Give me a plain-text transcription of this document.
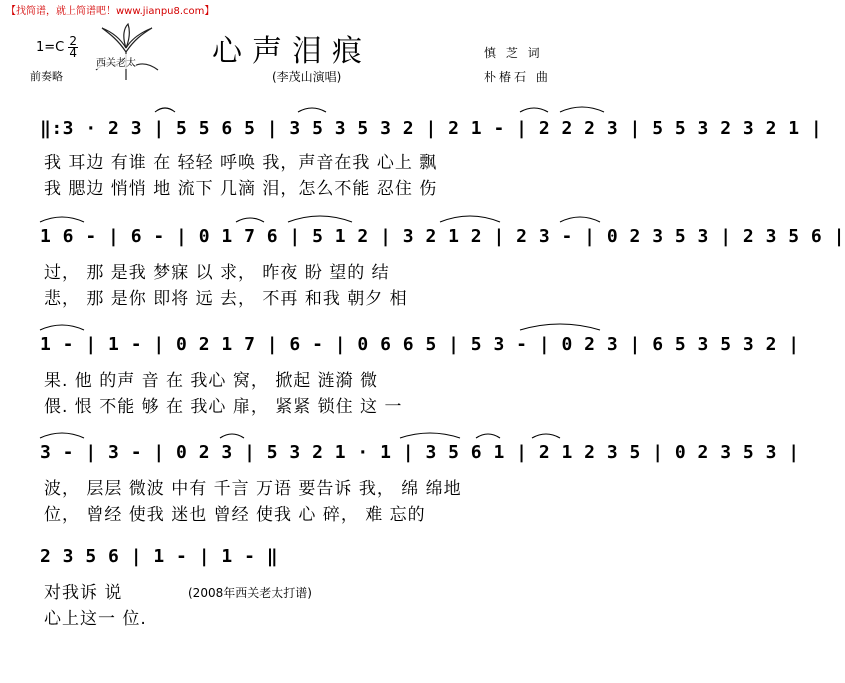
【找简谱，就上简谱吧！www.jianpu8.com】
$1=C \frac{2}{4}$
前奏略
西关老太	心声泪痕
(李茂山演唱)
慎 芝 词
朴椿石 曲
‖:3 · 2 3 | 5 5 6 5 | 3 5 3 5 3 2 | 2 1 - | 2 2 2 3 | 5 5 3 2 3 2 1 |
我 耳边 有谁 在 轻轻 呼唤 我，声音在我 心上 飘
我 腮边 悄悄 地 流下 几滴 泪，怎么不能 忍住 伤
1 6 - | 6 - | 0 1 7 6 | 5 1 2 | 3 2 1 2 | 2 3 - | 0 2 3 5 3 | 2 3 5 6 |
过， 那 是我 梦寐 以 求， 昨夜 盼 望的 结
悲， 那 是你 即将 远 去， 不再 和我 朝夕 相
1 - | 1 - | 0 2 1 7 | 6 - | 0 6 6 5 | 5 3 - | 0 2 3 | 6 5 3 5 3 2 |
果. 他 的声 音 在 我心 窝， 掀起 涟漪 微
偎. 恨 不能 够 在 我心 扉， 紧紧 锁住 这 一
3 - | 3 - | 0 2 3 | 5 3 2 1 · 1 | 3 5 6 1 | 2 1 2 3 5 | 0 2 3 5 3 |
波， 层层 微波 中有 千言 万语 要告诉 我， 绵 绵地
位， 曾经 使我 迷也 曾经 使我 心 碎， 难 忘的
2 3 5 6 | 1 - | 1 - ‖
对我诉 说
心上这一 位.
(2008年西关老太打谱)
